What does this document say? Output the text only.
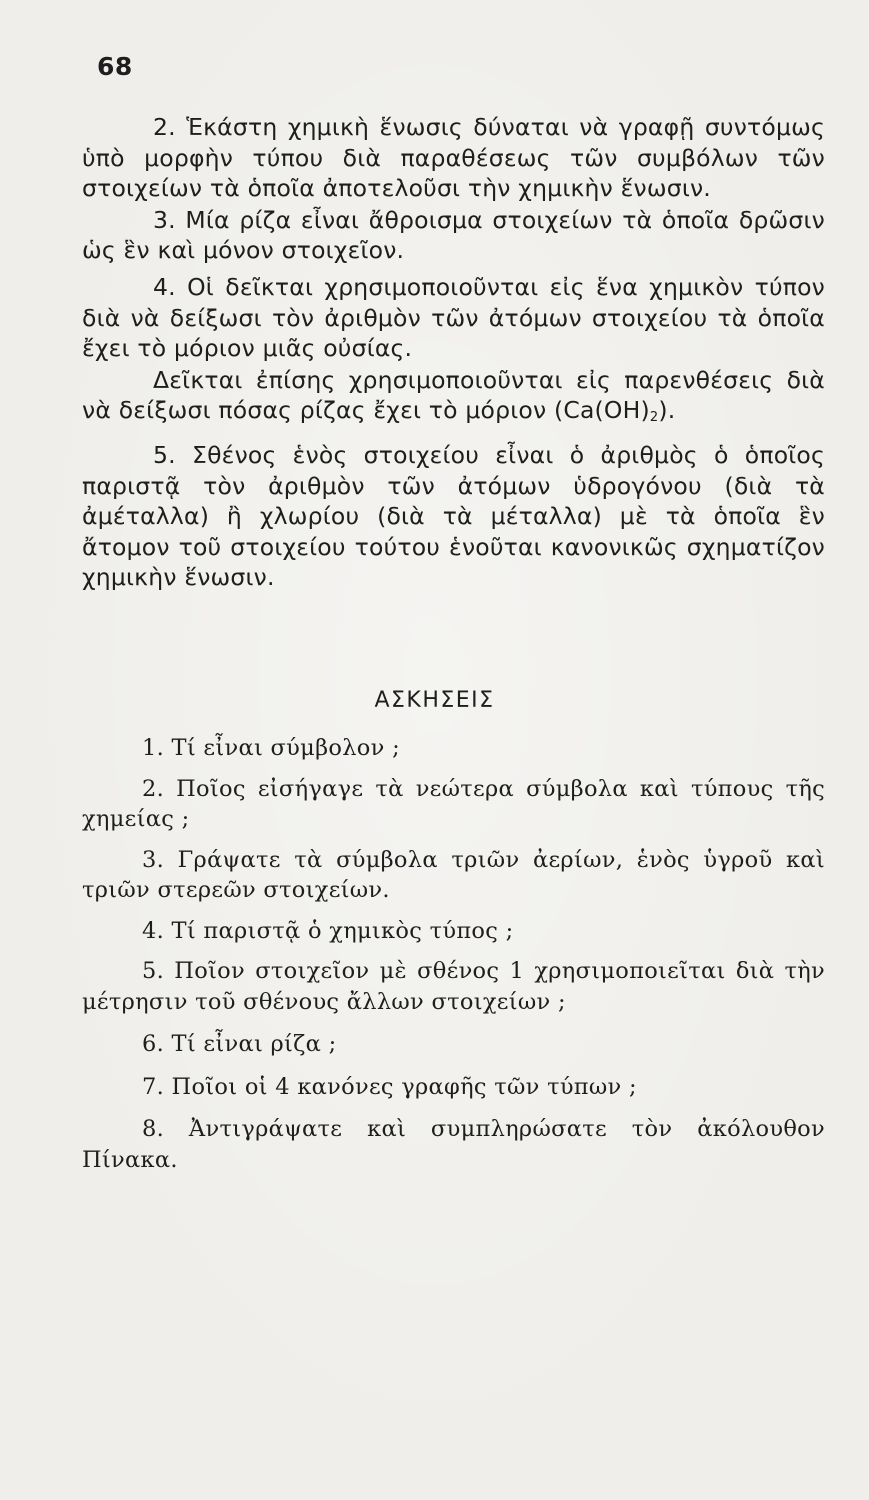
68

2. Ἑκάστη χημικὴ ἕνωσις δύναται νὰ γραφῇ συντόμως ὑπὸ μορφὴν τύπου διὰ παραθέσεως τῶν συμβόλων τῶν στοιχείων τὰ ὁποῖα ἀποτελοῦσι τὴν χημικὴν ἕνωσιν.

3. Μία ρίζα εἶναι ἄθροισμα στοιχείων τὰ ὁποῖα δρῶσιν ὡς ἓν καὶ μόνον στοιχεῖον.

4. Οἱ δεῖκται χρησιμοποιοῦνται εἰς ἕνα χημικὸν τύπον διὰ νὰ δείξωσι τὸν ἀριθμὸν τῶν ἀτόμων στοιχείου τὰ ὁποῖα ἔχει τὸ μόριον μιᾶς οὐσίας.

Δεῖκται ἐπίσης χρησιμοποιοῦνται εἰς παρενθέσεις διὰ νὰ δείξωσι πόσας ρίζας ἔχει τὸ μόριον $(Ca(OH)_2)$.

5. Σθένος ἑνὸς στοιχείου εἶναι ὁ ἀριθμὸς ὁ ὁποῖος παριστᾷ τὸν ἀριθμὸν τῶν ἀτόμων ὑδρογόνου (διὰ τὰ ἀμέταλλα) ἢ χλωρίου (διὰ τὰ μέταλλα) μὲ τὰ ὁποῖα ἓν ἄτομον τοῦ στοιχείου τούτου ἑνοῦται κανονικῶς σχηματίζον χημικὴν ἕνωσιν.

ΑΣΚΗΣΕΙΣ

1. Τί εἶναι σύμβολον ;

2. Ποῖος εἰσήγαγε τὰ νεώτερα σύμβολα καὶ τύπους τῆς χημείας ;

3. Γράψατε τὰ σύμβολα τριῶν ἀερίων, ἑνὸς ὑγροῦ καὶ τριῶν στερεῶν στοιχείων.

4. Τί παριστᾷ ὁ χημικὸς τύπος ;

5. Ποῖον στοιχεῖον μὲ σθένος 1 χρησιμοποιεῖται διὰ τὴν μέτρησιν τοῦ σθένους ἄλλων στοιχείων ;

6. Τί εἶναι ρίζα ;

7. Ποῖοι οἱ 4 κανόνες γραφῆς τῶν τύπων ;

8. Ἀντιγράψατε καὶ συμπληρώσατε τὸν ἀκόλουθον Πίνακα.
